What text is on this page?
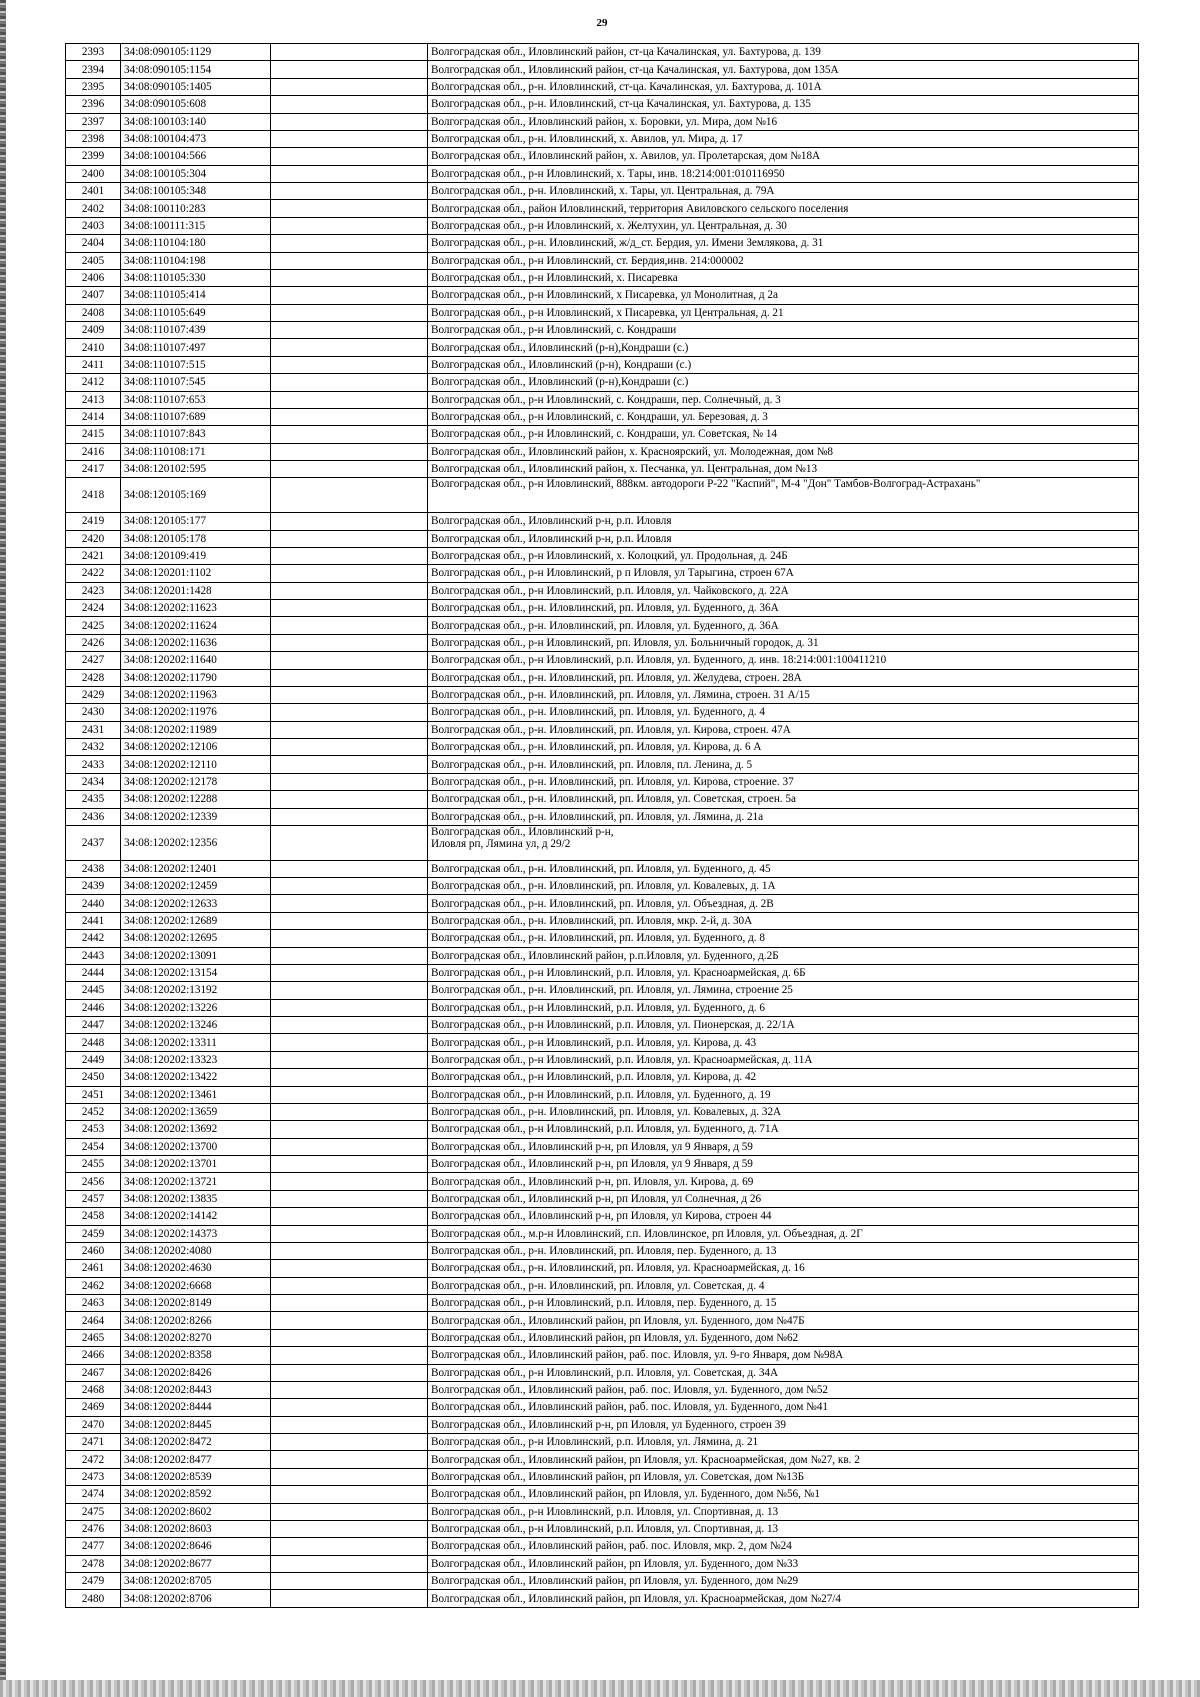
29
2393	34:08:090105:1129		Волгоградская обл., Иловлинский район, ст-ца Качалинская, ул. Бахтурова, д. 139
2394	34:08:090105:1154		Волгоградская обл., Иловлинский район, ст-ца Качалинская, ул. Бахтурова, дом 135А
2395	34:08:090105:1405		Волгоградская обл., р-н. Иловлинский, ст-ца. Качалинская, ул. Бахтурова, д. 101А
2396	34:08:090105:608		Волгоградская обл., р-н. Иловлинский, ст-ца Качалинская, ул. Бахтурова, д. 135
2397	34:08:100103:140		Волгоградская обл., Иловлинский район, х. Боровки, ул. Мира, дом №16
2398	34:08:100104:473		Волгоградская обл., р-н. Иловлинский, х. Авилов, ул. Мира, д. 17
2399	34:08:100104:566		Волгоградская обл., Иловлинский район, х. Авилов, ул. Пролетарская, дом №18А
2400	34:08:100105:304		Волгоградская обл., р-н Иловлинский, х. Тары, инв. 18:214:001:010116950
2401	34:08:100105:348		Волгоградская обл., р-н. Иловлинский, х. Тары, ул. Центральная, д. 79А
2402	34:08:100110:283		Волгоградская обл., район Иловлинский, территория Авиловского сельского поселения
2403	34:08:100111:315		Волгоградская обл., р-н Иловлинский, х. Желтухин, ул. Центральная, д. 30
2404	34:08:110104:180		Волгоградская обл., р-н. Иловлинский, ж/д_ст. Бердия, ул. Имени Землякова, д. 31
2405	34:08:110104:198		Волгоградская обл., р-н Иловлинский, ст. Бердия,инв. 214:000002
2406	34:08:110105:330		Волгоградская обл., р-н Иловлинский, х. Писаревка
2407	34:08:110105:414		Волгоградская обл., р-н Иловлинский, х Писаревка, ул Монолитная, д 2а
2408	34:08:110105:649		Волгоградская обл., р-н Иловлинский, х Писаревка, ул Центральная, д. 21
2409	34:08:110107:439		Волгоградская обл., р-н Иловлинский, с. Кондраши
2410	34:08:110107:497		Волгоградская обл., Иловлинский (р-н),Кондраши (с.)
2411	34:08:110107:515		Волгоградская обл., Иловлинский (р-н), Кондраши (с.)
2412	34:08:110107:545		Волгоградская обл., Иловлинский (р-н),Кондраши (с.)
2413	34:08:110107:653		Волгоградская обл., р-н Иловлинский, с. Кондраши, пер. Солнечный, д. 3
2414	34:08:110107:689		Волгоградская обл., р-н Иловлинский, с. Кондраши, ул. Березовая, д. 3
2415	34:08:110107:843		Волгоградская обл., р-н Иловлинский, с. Кондраши, ул. Советская, № 14
2416	34:08:110108:171		Волгоградская обл., Иловлинский район, х. Красноярский, ул. Молодежная, дом №8
2417	34:08:120102:595		Волгоградская обл., Иловлинский район, х. Песчанка, ул. Центральная, дом №13
2418	34:08:120105:169		Волгоградская обл., р-н Иловлинский, 888км. автодороги Р-22 "Каспий", М-4 "Дон" Тамбов-Волгоград-Астрахань"
2419	34:08:120105:177		Волгоградская обл., Иловлинский р-н, р.п. Иловля
2420	34:08:120105:178		Волгоградская обл., Иловлинский р-н, р.п. Иловля
2421	34:08:120109:419		Волгоградская обл., р-н Иловлинский, х. Колоцкий, ул. Продольная, д. 24Б
2422	34:08:120201:1102		Волгоградская обл., р-н Иловлинский, р п Иловля, ул Тарыгина, строен 67А
2423	34:08:120201:1428		Волгоградская обл., р-н Иловлинский, р.п. Иловля, ул. Чайковского, д. 22А
2424	34:08:120202:11623		Волгоградская обл., р-н. Иловлинский, рп. Иловля, ул. Буденного, д. 36А
2425	34:08:120202:11624		Волгоградская обл., р-н. Иловлинский, рп. Иловля, ул. Буденного, д. 36А
2426	34:08:120202:11636		Волгоградская обл., р-н Иловлинский, рп. Иловля, ул. Больничный городок, д. 31
2427	34:08:120202:11640		Волгоградская обл., р-н Иловлинский, р.п. Иловля, ул. Буденного, д. инв. 18:214:001:100411210
2428	34:08:120202:11790		Волгоградская обл., р-н. Иловлинский, рп. Иловля, ул. Желудева, строен. 28А
2429	34:08:120202:11963		Волгоградская обл., р-н. Иловлинский, рп. Иловля, ул. Лямина, строен. 31 А/15
2430	34:08:120202:11976		Волгоградская обл., р-н. Иловлинский, рп. Иловля, ул. Буденного, д. 4
2431	34:08:120202:11989		Волгоградская обл., р-н. Иловлинский, рп. Иловля, ул. Кирова, строен. 47А
2432	34:08:120202:12106		Волгоградская обл., р-н. Иловлинский, рп. Иловля, ул. Кирова, д. 6 А
2433	34:08:120202:12110		Волгоградская обл., р-н. Иловлинский, рп. Иловля, пл. Ленина, д. 5
2434	34:08:120202:12178		Волгоградская обл., р-н. Иловлинский, рп. Иловля, ул. Кирова, строение. 37
2435	34:08:120202:12288		Волгоградская обл., р-н. Иловлинский, рп. Иловля, ул. Советская, строен. 5а
2436	34:08:120202:12339		Волгоградская обл., р-н. Иловлинский, рп. Иловля, ул. Лямина, д. 21а
2437	34:08:120202:12356		Волгоградская обл., Иловлинский р-н,
Иловля рп, Лямина ул, д 29/2
2438	34:08:120202:12401		Волгоградская обл., р-н. Иловлинский, рп. Иловля, ул. Буденного, д. 45
2439	34:08:120202:12459		Волгоградская обл., р-н. Иловлинский, рп. Иловля, ул. Ковалевых, д. 1А
2440	34:08:120202:12633		Волгоградская обл., р-н. Иловлинский, рп. Иловля, ул. Объездная, д. 2В
2441	34:08:120202:12689		Волгоградская обл., р-н. Иловлинский, рп. Иловля, мкр. 2-й, д. 30А
2442	34:08:120202:12695		Волгоградская обл., р-н. Иловлинский, рп. Иловля, ул. Буденного, д. 8
2443	34:08:120202:13091		Волгоградская обл., Иловлинский район, р.п.Иловля, ул. Буденного, д.2Б
2444	34:08:120202:13154		Волгоградская обл., р-н Иловлинский, р.п. Иловля, ул. Красноармейская, д. 6Б
2445	34:08:120202:13192		Волгоградская обл., р-н. Иловлинский, рп. Иловля, ул. Лямина, строение 25
2446	34:08:120202:13226		Волгоградская обл., р-н Иловлинский, р.п. Иловля, ул. Буденного, д. 6
2447	34:08:120202:13246		Волгоградская обл., р-н Иловлинский, р.п. Иловля, ул. Пионерская, д. 22/1А
2448	34:08:120202:13311		Волгоградская обл., р-н Иловлинский, р.п. Иловля, ул. Кирова, д. 43
2449	34:08:120202:13323		Волгоградская обл., р-н Иловлинский, р.п. Иловля, ул. Красноармейская, д. 11А
2450	34:08:120202:13422		Волгоградская обл., р-н Иловлинский, р.п. Иловля, ул. Кирова, д. 42
2451	34:08:120202:13461		Волгоградская обл., р-н Иловлинский, р.п. Иловля, ул. Буденного, д. 19
2452	34:08:120202:13659		Волгоградская обл., р-н. Иловлинский, рп. Иловля, ул. Ковалевых, д. 32А
2453	34:08:120202:13692		Волгоградская обл., р-н Иловлинский, р.п. Иловля, ул. Буденного, д. 71А
2454	34:08:120202:13700		Волгоградская обл., Иловлинский р-н, рп Иловля, ул 9 Января, д 59
2455	34:08:120202:13701		Волгоградская обл., Иловлинский р-н, рп Иловля, ул 9 Января, д 59
2456	34:08:120202:13721		Волгоградская обл., Иловлинский р-н, рп. Иловля, ул. Кирова, д. 69
2457	34:08:120202:13835		Волгоградская обл., Иловлинский р-н, рп Иловля, ул Солнечная, д 26
2458	34:08:120202:14142		Волгоградская обл., Иловлинский р-н, рп Иловля, ул Кирова, строен 44
2459	34:08:120202:14373		Волгоградская обл., м.р-н Иловлинский, г.п. Иловлинское, рп Иловля, ул. Объездная, д. 2Г
2460	34:08:120202:4080		Волгоградская обл., р-н. Иловлинский, рп. Иловля, пер. Буденного, д. 13
2461	34:08:120202:4630		Волгоградская обл., р-н. Иловлинский, рп. Иловля, ул. Красноармейская, д. 16
2462	34:08:120202:6668		Волгоградская обл., р-н. Иловлинский, рп. Иловля, ул. Советская, д. 4
2463	34:08:120202:8149		Волгоградская обл., р-н Иловлинский, р.п. Иловля, пер. Буденного, д. 15
2464	34:08:120202:8266		Волгоградская обл., Иловлинский район, рп Иловля, ул. Буденного, дом №47Б
2465	34:08:120202:8270		Волгоградская обл., Иловлинский район, рп Иловля, ул. Буденного, дом №62
2466	34:08:120202:8358		Волгоградская обл., Иловлинский район, раб. пос. Иловля, ул. 9-го Января, дом №98А
2467	34:08:120202:8426		Волгоградская обл., р-н Иловлинский, р.п. Иловля, ул. Советская, д. 34А
2468	34:08:120202:8443		Волгоградская обл., Иловлинский район, раб. пос. Иловля, ул. Буденного, дом №52
2469	34:08:120202:8444		Волгоградская обл., Иловлинский район, раб. пос. Иловля, ул. Буденного, дом №41
2470	34:08:120202:8445		Волгоградская обл., Иловлинский р-н, рп Иловля, ул Буденного, строен 39
2471	34:08:120202:8472		Волгоградская обл., р-н Иловлинский, р.п. Иловля, ул. Лямина, д. 21
2472	34:08:120202:8477		Волгоградская обл., Иловлинский район, рп Иловля, ул. Красноармейская, дом №27, кв. 2
2473	34:08:120202:8539		Волгоградская обл., Иловлинский район, рп Иловля, ул. Советская, дом №13Б
2474	34:08:120202:8592		Волгоградская обл., Иловлинский район, рп Иловля, ул. Буденного, дом №56, №1
2475	34:08:120202:8602		Волгоградская обл., р-н Иловлинский, р.п. Иловля, ул. Спортивная, д. 13
2476	34:08:120202:8603		Волгоградская обл., р-н Иловлинский, р.п. Иловля, ул. Спортивная, д. 13
2477	34:08:120202:8646		Волгоградская обл., Иловлинский район, раб. пос. Иловля, мкр. 2, дом №24
2478	34:08:120202:8677		Волгоградская обл., Иловлинский район, рп Иловля, ул. Буденного, дом №33
2479	34:08:120202:8705		Волгоградская обл., Иловлинский район, рп Иловля, ул. Буденного, дом №29
2480	34:08:120202:8706		Волгоградская обл., Иловлинский район, рп Иловля, ул. Красноармейская, дом №27/4
